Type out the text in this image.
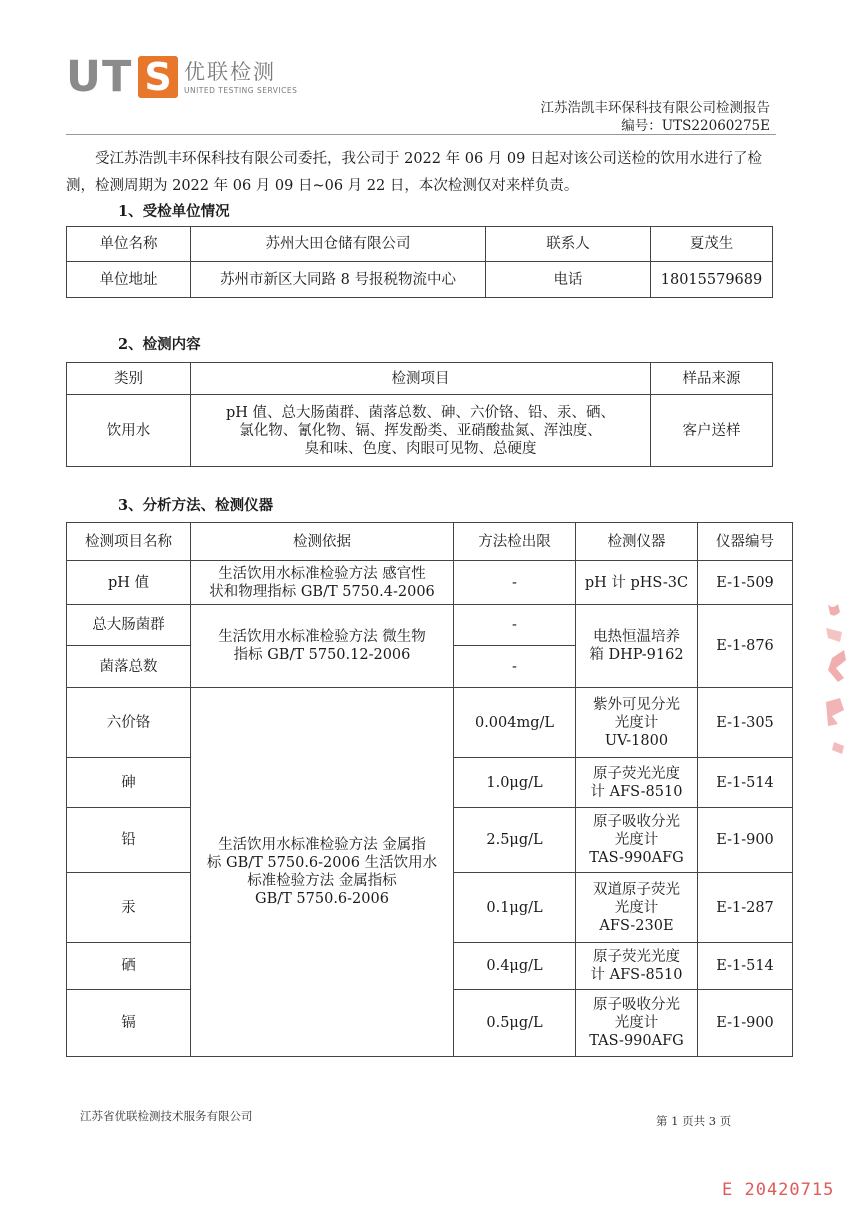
U T S 优联检测
UNITED TESTING SERVICES
江苏浩凯丰环保科技有限公司检测报告
编号：UTS22060275E

受江苏浩凯丰环保科技有限公司委托，我公司于 2022 年 06 月 09 日起对该公司送检的饮用水进行了检测，检测周期为 2022 年 06 月 09 日~06 月 22 日，本次检测仅对来样负责。

1、受检单位情况
单位名称	苏州大田仓储有限公司	联系人	夏茂生
单位地址	苏州市新区大同路 8 号报税物流中心	电话	18015579689
2、检测内容
类别	检测项目	样品来源
饮用水	pH 值、总大肠菌群、菌落总数、砷、六价铬、铅、汞、硒、
氯化物、氰化物、镉、挥发酚类、亚硝酸盐氮、浑浊度、
臭和味、色度、肉眼可见物、总硬度	客户送样
3、分析方法、检测仪器
检测项目名称	检测依据	方法检出限	检测仪器	仪器编号
pH 值	生活饮用水标准检验方法 感官性
状和物理指标 GB/T 5750.4-2006	-	pH 计 pHS-3C	E-1-509
总大肠菌群	生活饮用水标准检验方法 微生物
指标 GB/T 5750.12-2006	-	电热恒温培养
箱 DHP-9162	E-1-876
菌落总数		-		
六价铬	生活饮用水标准检验方法 金属指
标 GB/T 5750.6-2006 生活饮用水
标准检验方法 金属指标
GB/T 5750.6-2006	0.004mg/L	紫外可见分光
光度计
UV-1800	E-1-305
砷		1.0μg/L	原子荧光光度
计 AFS-8510	E-1-514
铅		2.5μg/L	原子吸收分光
光度计
TAS-990AFG	E-1-900
汞		0.1μg/L	双道原子荧光
光度计
AFS-230E	E-1-287
硒		0.4μg/L	原子荧光光度
计 AFS-8510	E-1-514
镉		0.5μg/L	原子吸收分光
光度计
TAS-990AFG	E-1-900
江苏省优联检测技术服务有限公司	第 1 页共 3 页
E 20420715
